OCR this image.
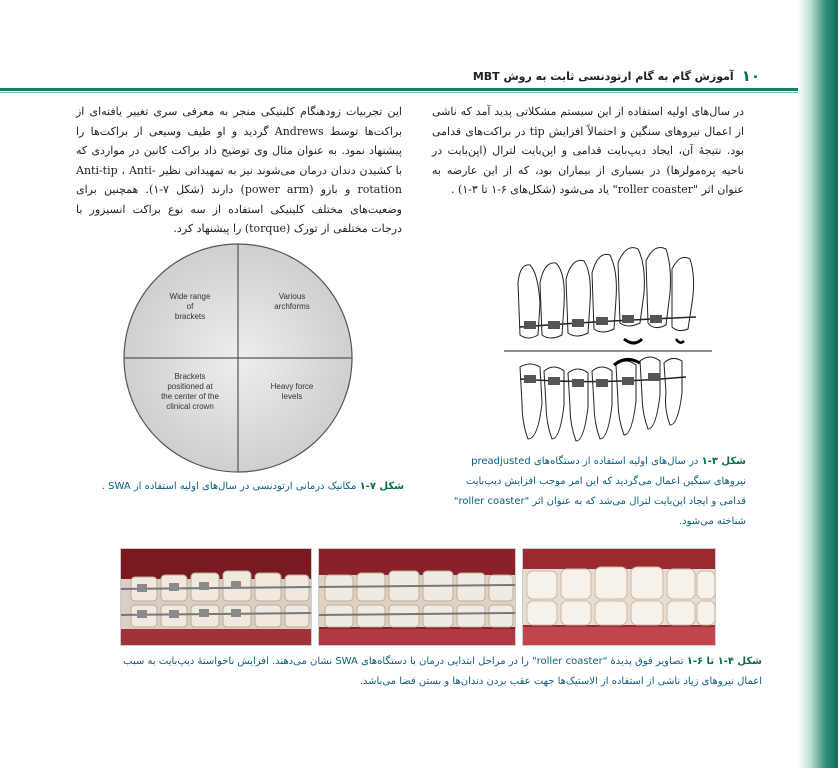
۱۰
آموزش گام به گام ارتودنسی ثابت به روش MBT
در سال‌های اولیه استفاده از این سیستم مشکلاتی پدید آمد که ناشی از اعمال نیروهای سنگین و احتمالاً افزایش tip در براکت‌های قدامی بود. نتیجهٔ آن، ایجاد دیپ‌بایت قدامی و اپن‌بایت لترال (اپن‌بایت در ناحیه پره‌مولرها) در بسیاری از بیماران بود، که از این عارضه به عنوان اثر "roller coaster" یاد می‌شود (شکل‌های ۶-۱ تا ۳-۱) .
این تجربیات زودهنگام کلینیکی منجر به معرفی سری تغییر یافته‌ای از براکت‌ها توسط Andrews گردید و او طیف وسیعی از براکت‌ها را پیشنهاد نمود. به عنوان مثال وی توضیح داد براکت کانین در مواردی که با کشیدن دندان درمان می‌شوند نیز به تمهیداتی نظیر Anti-tip ، Anti-rotation و بازو (power arm) دارند (شکل ۷-۱). همچنین برای وضعیت‌های مختلف کلینیکی استفاده از سه نوع براکت انسیزور با درجات مختلفی از تورک (torque) را پیشنهاد کرد.
Wide range of brackets
Various archforms
Brackets positioned at the center of the clinical crown
Heavy force levels
شکل ۳-۱ در سال‌های اولیه استفاده از دستگاه‌های preadjusted نیروهای سنگین اعمال می‌گردید که این امر موجب افزایش دیپ‌بایت قدامی و ایجاد اپن‌بایت لترال می‌شد که به عنوان اثر "roller coaster" شناخته می‌شود.
شکل ۷-۱ مکانیک درمانی ارتودنسی در سال‌های اولیه استفاده از SWA .
شکل ۴-۱ تا ۶-۱ تصاویر فوق پدیدهٔ "roller coaster" را در مراحل ابتدایی درمان با دستگاه‌های SWA نشان می‌دهند. افزایش ناخواستهٔ دیپ‌بایت به سبب اعمال نیروهای زیاد ناشی از استفاده از الاستیک‌ها جهت عقب بردن دندان‌ها و بستن فضا می‌باشد.
